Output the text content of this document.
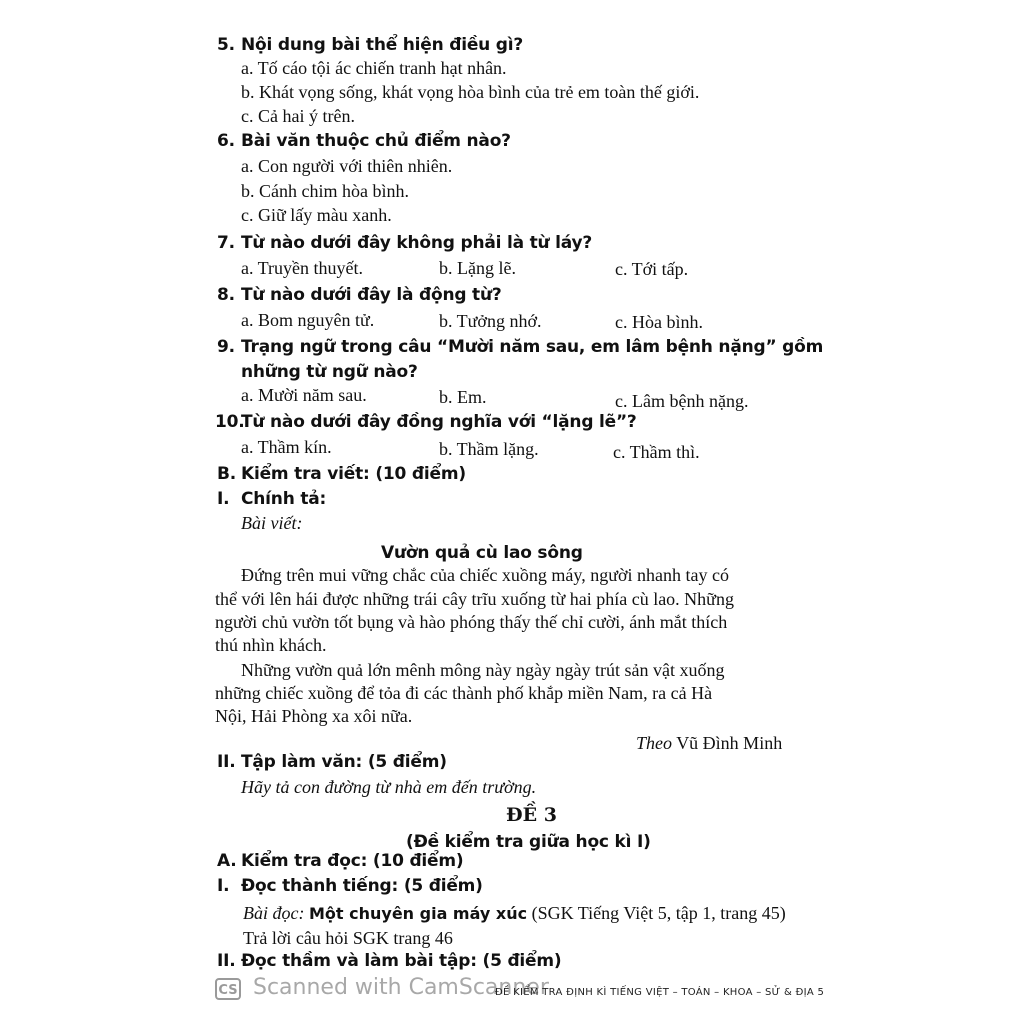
5. Nội dung bài thể hiện điều gì?
a. Tố cáo tội ác chiến tranh hạt nhân.
b. Khát vọng sống, khát vọng hòa bình của trẻ em toàn thế giới.
c. Cả hai ý trên.
6. Bài văn thuộc chủ điểm nào?
a. Con người với thiên nhiên.
b. Cánh chim hòa bình.
c. Giữ lấy màu xanh.
7. Từ nào dưới đây không phải là từ láy?
a. Truyền thuyết.	b. Lặng lẽ.	c. Tới tấp.
8. Từ nào dưới đây là động từ?
a. Bom nguyên tử.	b. Tưởng nhớ.	c. Hòa bình.
9. Trạng ngữ trong câu “Mười năm sau, em lâm bệnh nặng” gồm
những từ ngữ nào?
a. Mười năm sau.	b. Em.	c. Lâm bệnh nặng.
10.Từ nào dưới đây đồng nghĩa với “lặng lẽ”?
a. Thầm kín.	b. Thầm lặng.	c. Thầm thì.
B. Kiểm tra viết: (10 điểm)
I. Chính tả:
Bài viết:
Vườn quả cù lao sông
Đứng trên mui vững chắc của chiếc xuồng máy, người nhanh tay có
thể với lên hái được những trái cây trĩu xuống từ hai phía cù lao. Những
người chủ vườn tốt bụng và hào phóng thấy thế chỉ cười, ánh mắt thích
thú nhìn khách.
Những vườn quả lớn mênh mông này ngày ngày trút sản vật xuống
những chiếc xuồng để tỏa đi các thành phố khắp miền Nam, ra cả Hà
Nội, Hải Phòng xa xôi nữa.
Theo Vũ Đình Minh
II. Tập làm văn: (5 điểm)
Hãy tả con đường từ nhà em đến trường.
ĐỀ 3
(Đề kiểm tra giữa học kì I)
A. Kiểm tra đọc: (10 điểm)
I. Đọc thành tiếng: (5 điểm)
Bài đọc: Một chuyên gia máy xúc (SGK Tiếng Việt 5, tập 1, trang 45)
Trả lời câu hỏi SGK trang 46
II. Đọc thầm và làm bài tập: (5 điểm)
CS Scanned with CamScanner
ĐỀ KIỂM TRA ĐỊNH KÌ TIẾNG VIỆT – TOÁN – KHOA – SỬ & ĐỊA 5
